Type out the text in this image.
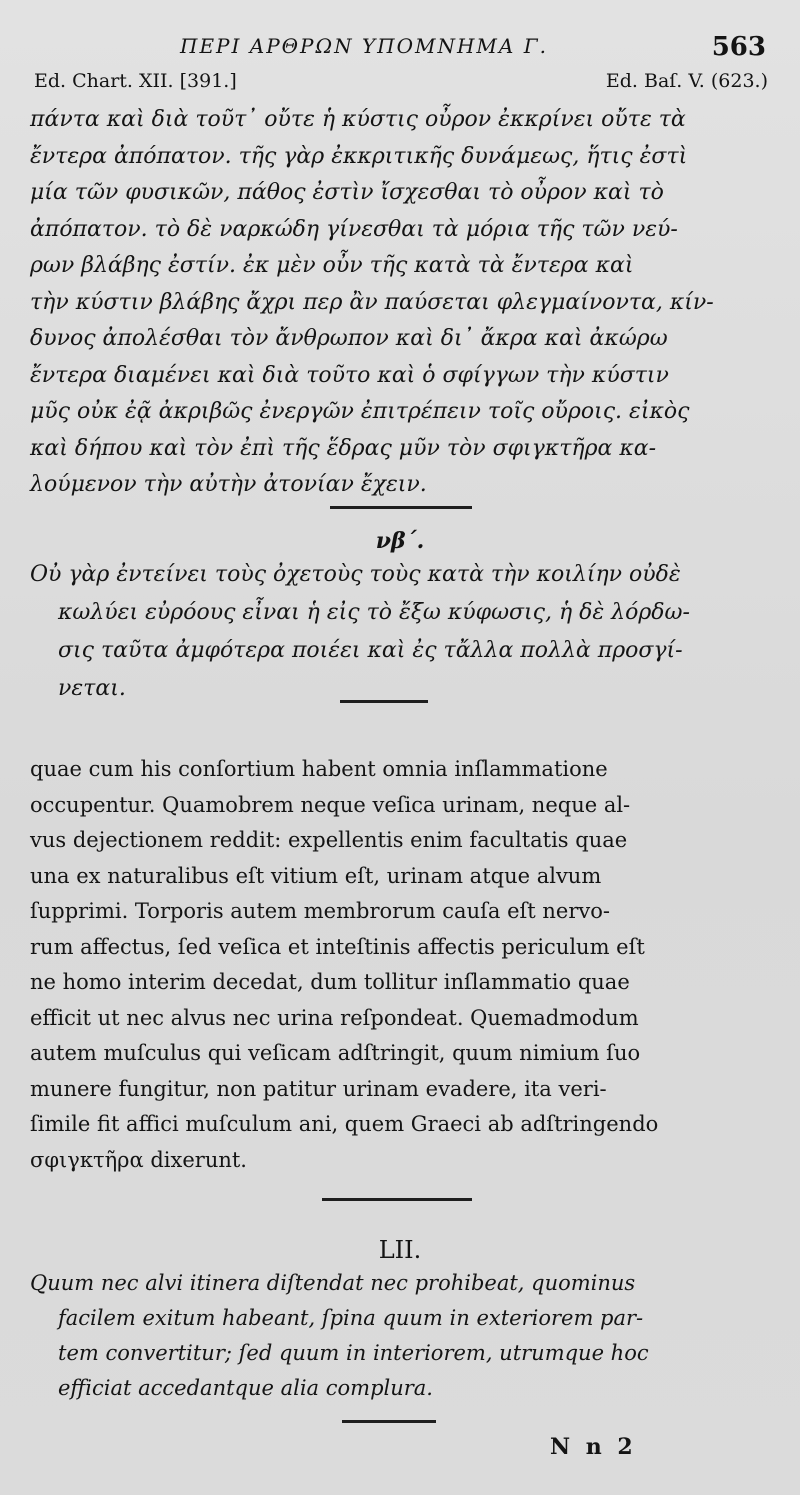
ΠΕΡΙ ΑΡΘΡΩΝ ΥΠΟΜΝΗΜΑ Γ.	563
Ed. Chart. XII. [391.]	Ed. Baſ. V. (623.)
πάντα καὶ διὰ τοῦτ᾽ οὔτε ἡ κύστις οὖρον ἐκκρίνει οὔτε τὰ
ἔντερα ἀπόπατον. τῆς γὰρ ἐκκριτικῆς δυνάμεως, ἥτις ἐστὶ
μία τῶν φυσικῶν, πάθος ἐστὶν ἴσχεσθαι τὸ οὖρον καὶ τὸ
ἀπόπατον. τὸ δὲ ναρκώδη γίνεσθαι τὰ μόρια τῆς τῶν νεύ-
ρων βλάβης ἐστίν. ἐκ μὲν οὖν τῆς κατὰ τὰ ἔντερα καὶ
τὴν κύστιν βλάβης ἄχρι περ ἂν παύσεται φλεγμαίνοντα, κίν-
δυνος ἀπολέσθαι τὸν ἄνθρωπον καὶ δι᾽ ἄκρα καὶ ἀκώρω
ἔντερα διαμένει καὶ διὰ τοῦτο καὶ ὁ σφίγγων τὴν κύστιν
μῦς οὐκ ἐᾷ ἀκριβῶς ἐνεργῶν ἐπιτρέπειν τοῖς οὔροις. εἰκὸς
καὶ δήπου καὶ τὸν ἐπὶ τῆς ἕδρας μῦν τὸν σφιγκτῆρα κα-
λούμενον τὴν αὐτὴν ἀτονίαν ἔχειν.
νβ΄.
Οὐ γὰρ ἐντείνει τοὺς ὀχετοὺς τοὺς κατὰ τὴν κοιλίην οὐδὲ
κωλύει εὐρόους εἶναι ἡ εἰς τὸ ἔξω κύφωσις, ἡ δὲ λόρδω-
σις ταῦτα ἀμφότερα ποιέει καὶ ἐς τἄλλα πολλὰ προσγί-
νεται.
quae cum his conſortium habent omnia inſlammatione
occupentur. Quamobrem neque veſica urinam, neque al-
vus dejectionem reddit: expellentis enim facultatis quae
una ex naturalibus eſt vitium eſt, urinam atque alvum
ſupprimi. Torporis autem membrorum cauſa eſt nervo-
rum affectus, ſed veſica et inteſtinis affectis periculum eſt
ne homo interim decedat, dum tollitur inſlammatio quae
efficit ut nec alvus nec urina reſpondeat. Quemadmodum
autem muſculus qui veſicam adſtringit, quum nimium ſuo
munere fungitur, non patitur urinam evadere, ita veri-
ſimile fit affici muſculum ani, quem Graeci ab adſtringendo
σφιγκτῆρα dixerunt.
LII.
Quum nec alvi itinera diſtendat nec prohibeat, quominus
facilem exitum habeant, ſpina quum in exteriorem par-
tem convertitur; ſed quum in interiorem, utrumque hoc
efficiat accedantque alia complura.
N n 2
